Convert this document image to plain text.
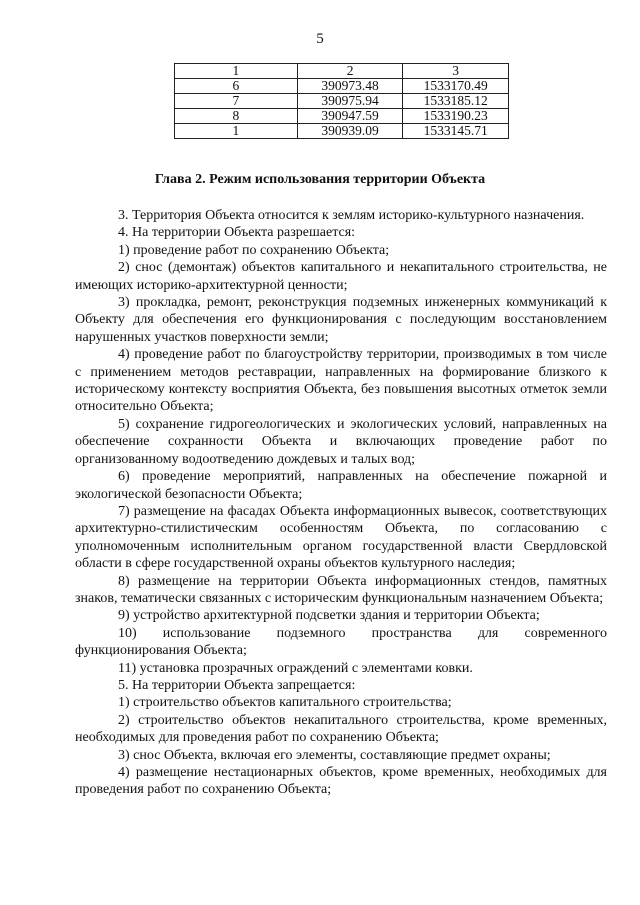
5
1	2	3
6	390973.48	1533170.49
7	390975.94	1533185.12
8	390947.59	1533190.23
1	390939.09	1533145.71
Глава 2. Режим использования территории Объекта

3. Территория Объекта относится к землям историко-культурного назначения.

4. На территории Объекта разрешается:

1) проведение работ по сохранению Объекта;

2) снос (демонтаж) объектов капитального и некапитального строительства, не имеющих историко-архитектурной ценности;

3) прокладка, ремонт, реконструкция подземных инженерных коммуникаций к Объекту для обеспечения его функционирования с последующим восстановлением нарушенных участков поверхности земли;

4) проведение работ по благоустройству территории, производимых в том числе с применением методов реставрации, направленных на формирование близкого к историческому контексту восприятия Объекта, без повышения высотных отметок земли относительно Объекта;

5) сохранение гидрогеологических и экологических условий, направленных на обеспечение сохранности Объекта и включающих проведение работ по организованному водоотведению дождевых и талых вод;

6) проведение мероприятий, направленных на обеспечение пожарной и экологической безопасности Объекта;

7) размещение на фасадах Объекта информационных вывесок, соответствующих архитектурно-стилистическим особенностям Объекта, по согласованию с уполномоченным исполнительным органом государственной власти Свердловской области в сфере государственной охраны объектов культурного наследия;

8) размещение на территории Объекта информационных стендов, памятных знаков, тематически связанных с историческим функциональным назначением Объекта;

9) устройство архитектурной подсветки здания и территории Объекта;

10) использование подземного пространства для современного функционирования Объекта;

11) установка прозрачных ограждений с элементами ковки.

5. На территории Объекта запрещается:

1) строительство объектов капитального строительства;

2) строительство объектов некапитального строительства, кроме временных, необходимых для проведения работ по сохранению Объекта;

3) снос Объекта, включая его элементы, составляющие предмет охраны;

4) размещение нестационарных объектов, кроме временных, необходимых для проведения работ по сохранению Объекта;
